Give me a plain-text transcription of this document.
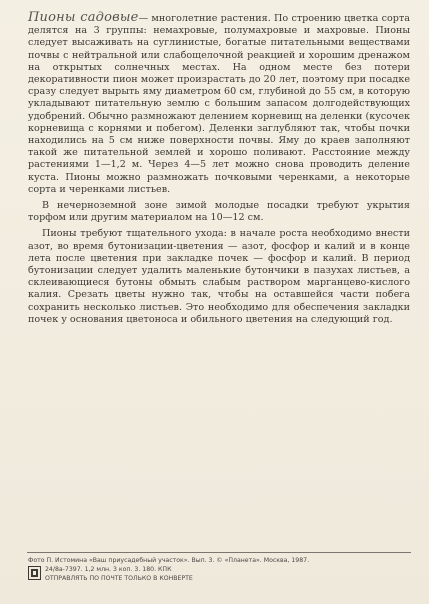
Пионы садовые— многолетние растения. По строению цветка сорта делятся на 3 группы: немахровые, полумахровые и махровые. Пионы следует высаживать на суглинистые, богатые питательными веществами почвы с нейтральной или слабощелочной реакцией и хорошим дренажом на открытых солнечных местах. На одном месте без потери декоративности пион может произрастать до 20 лет, поэтому при посадке сразу следует вырыть яму диаметром 60 см, глубиной до 55 см, в которую укладывают питательную землю с большим запасом долгодействующих удобрений. Обычно размножают делением корневищ на деленки (кусочек корневища с корнями и побегом). Деленки заглубляют так, чтобы почки находились на 5 см ниже поверхности почвы. Яму до краев заполняют такой же питательной землей и хорошо поливают. Расстояние между растениями 1—1,2 м. Через 4—5 лет можно снова проводить деление куста. Пионы можно размножать почковыми черенками, а некоторые сорта и черенками листьев.

В нечерноземной зоне зимой молодые посадки требуют укрытия торфом или другим материалом на 10—12 см.

Пионы требуют тщательного ухода: в начале роста необходимо внести азот, во время бутонизации-цветения — азот, фосфор и калий и в конце лета после цветения при закладке почек — фосфор и калий. В период бутонизации следует удалить маленькие бутончики в пазухах листьев, а склеивающиеся бутоны обмыть слабым раствором марганцево-кислого калия. Срезать цветы нужно так, чтобы на оставшейся части побега сохранить несколько листьев. Это необходимо для обеспечения закладки почек у основания цветоноса и обильного цветения на следующий год.

Фото П. Истомина «Ваш приусадебный участок». Вып. 3. © «Планета». Москва, 1987.
24/8а-7397. 1,2 млн. 3 коп. 3. 180. КПК
ОТПРАВЛЯТЬ ПО ПОЧТЕ ТОЛЬКО В КОНВЕРТЕ
